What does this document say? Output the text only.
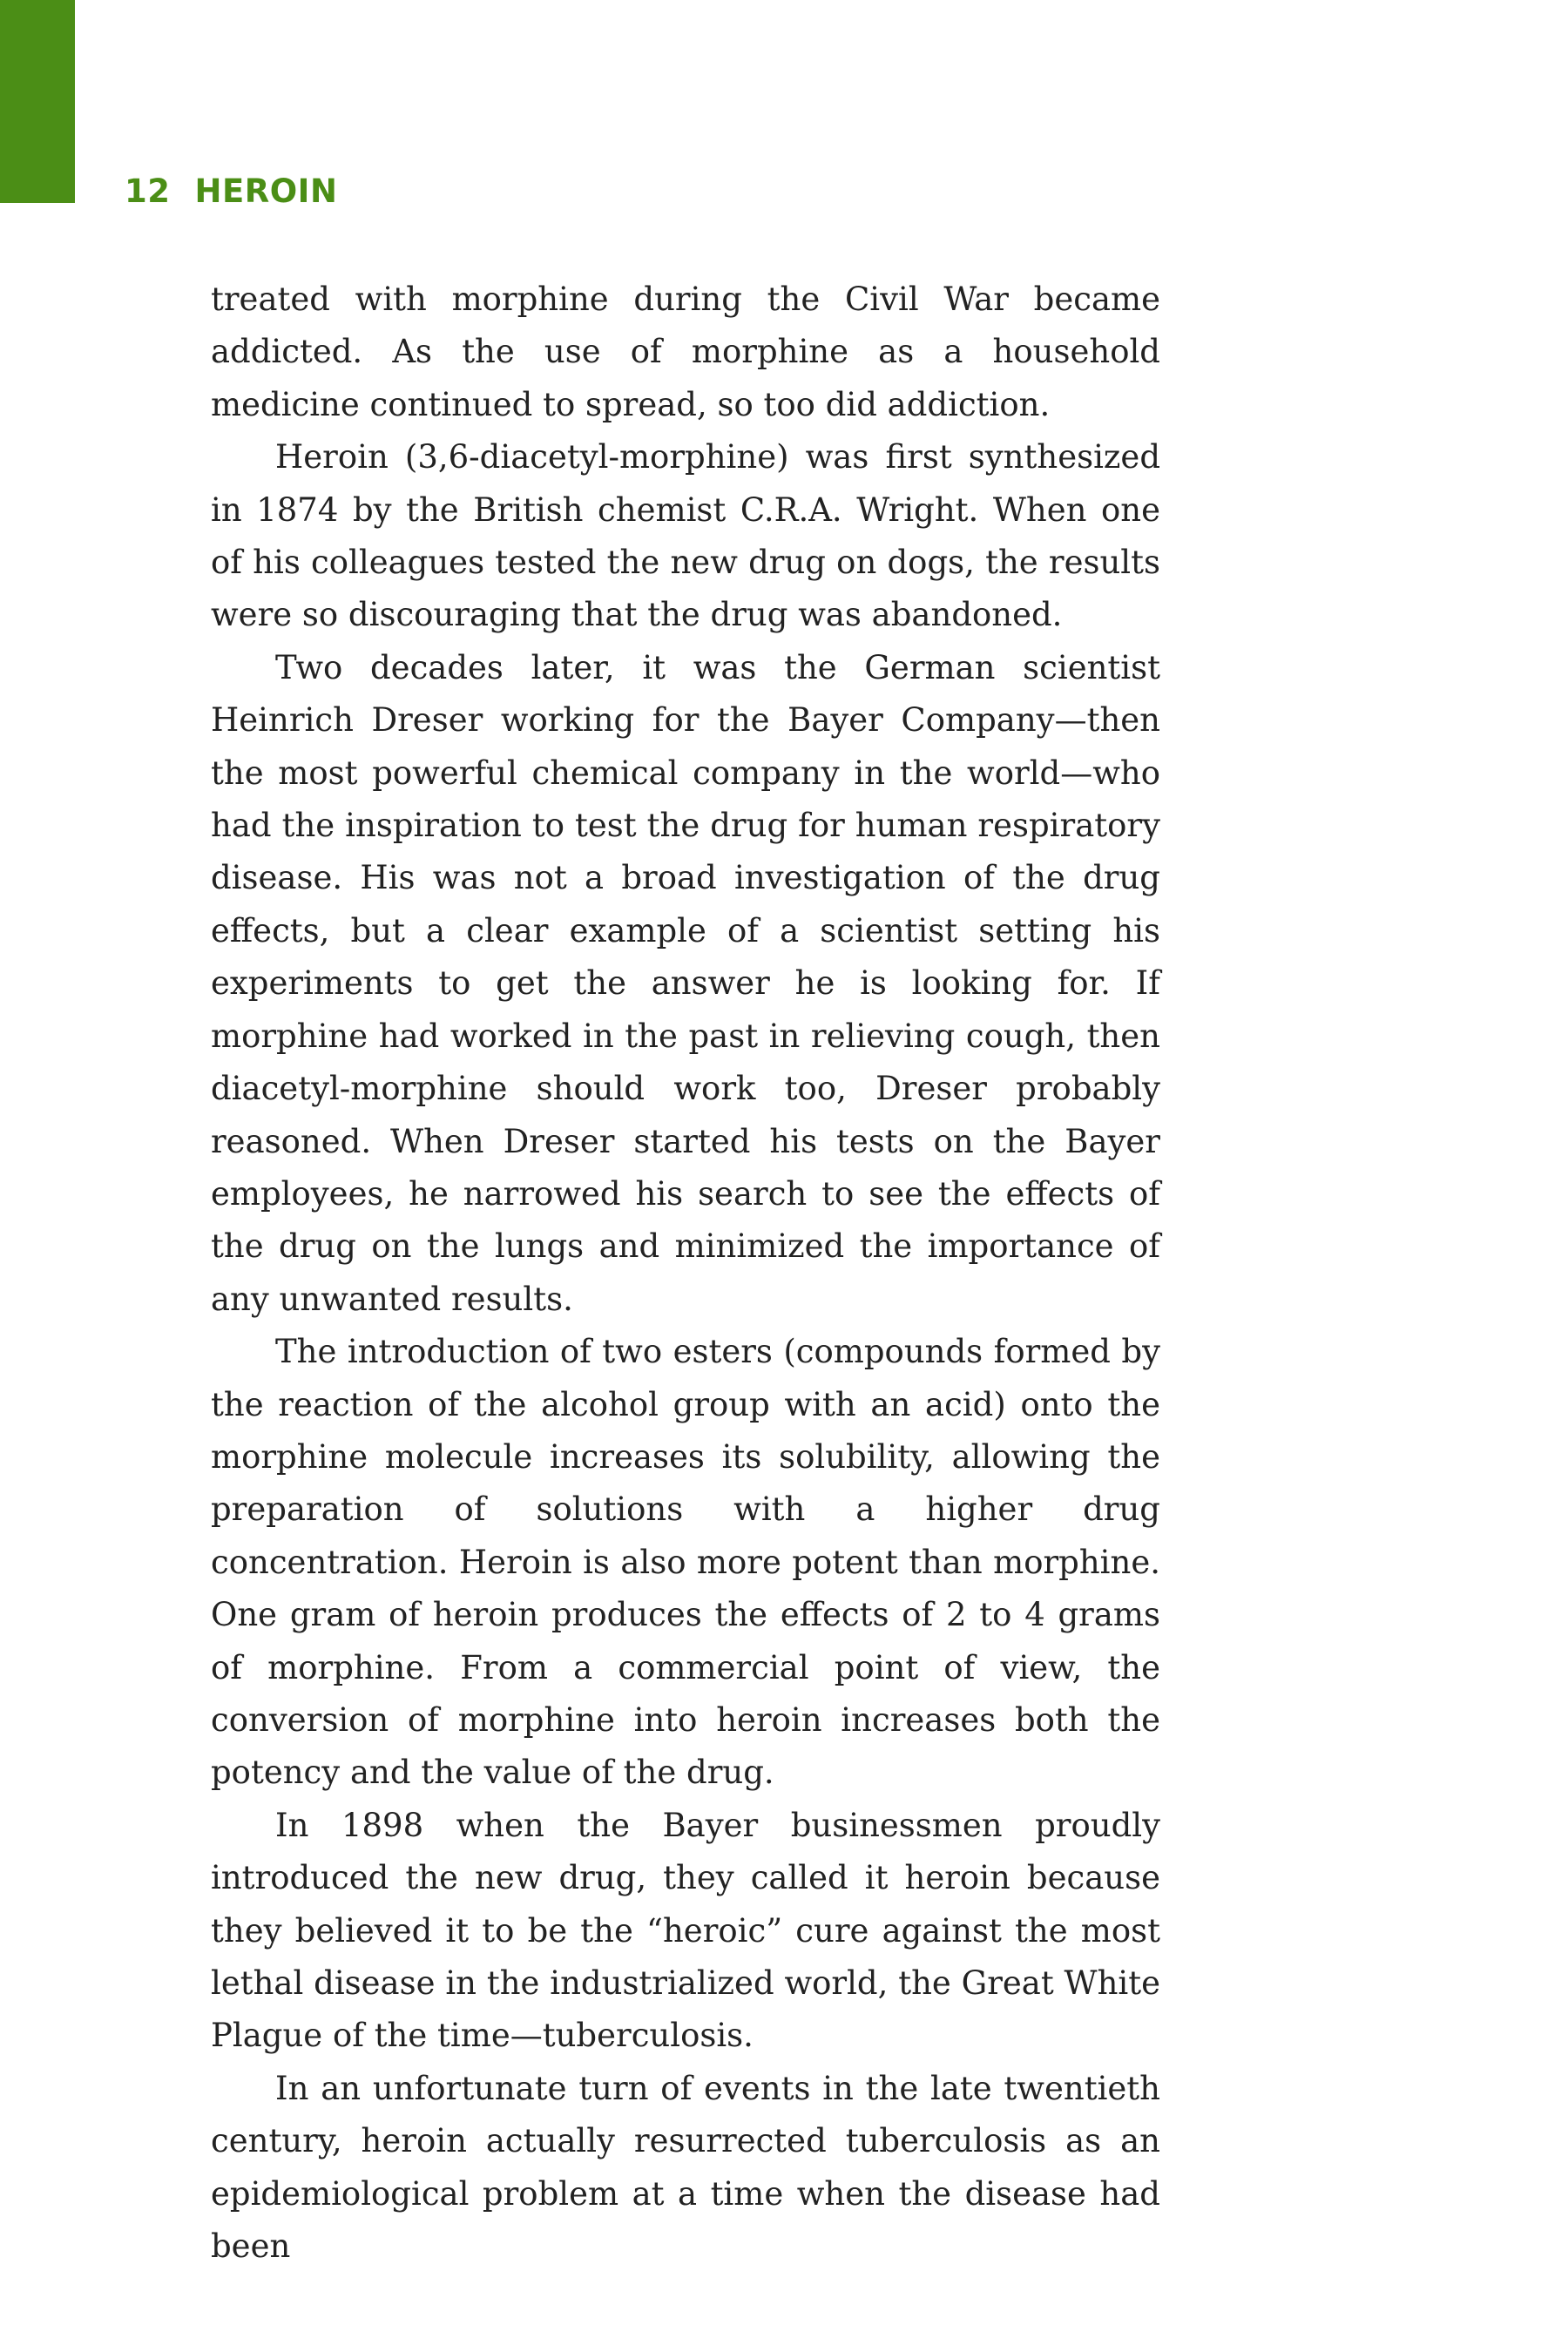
12 HEROIN

treated with morphine during the Civil War became addicted. As the use of morphine as a household medicine continued to spread, so too did addiction.

Heroin (3,6-diacetyl-morphine) was first synthesized in 1874 by the British chemist C.R.A. Wright. When one of his colleagues tested the new drug on dogs, the results were so discouraging that the drug was abandoned.

Two decades later, it was the German scientist Heinrich Dreser working for the Bayer Company—then the most powerful chemical company in the world—who had the inspiration to test the drug for human respiratory disease. His was not a broad investigation of the drug effects, but a clear example of a scientist setting his experiments to get the answer he is looking for. If morphine had worked in the past in relieving cough, then diacetyl-morphine should work too, Dreser probably reasoned. When Dreser started his tests on the Bayer employees, he narrowed his search to see the effects of the drug on the lungs and minimized the importance of any unwanted results.

The introduction of two esters (compounds formed by the reaction of the alcohol group with an acid) onto the morphine molecule increases its solubility, allowing the preparation of solutions with a higher drug concentration. Heroin is also more potent than morphine. One gram of heroin produces the effects of 2 to 4 grams of morphine. From a commercial point of view, the conversion of morphine into heroin increases both the potency and the value of the drug.

In 1898 when the Bayer businessmen proudly introduced the new drug, they called it heroin because they believed it to be the “heroic” cure against the most lethal disease in the industrialized world, the Great White Plague of the time—tuberculosis.

In an unfortunate turn of events in the late twentieth century, heroin actually resurrected tuberculosis as an epidemiological problem at a time when the disease had been
